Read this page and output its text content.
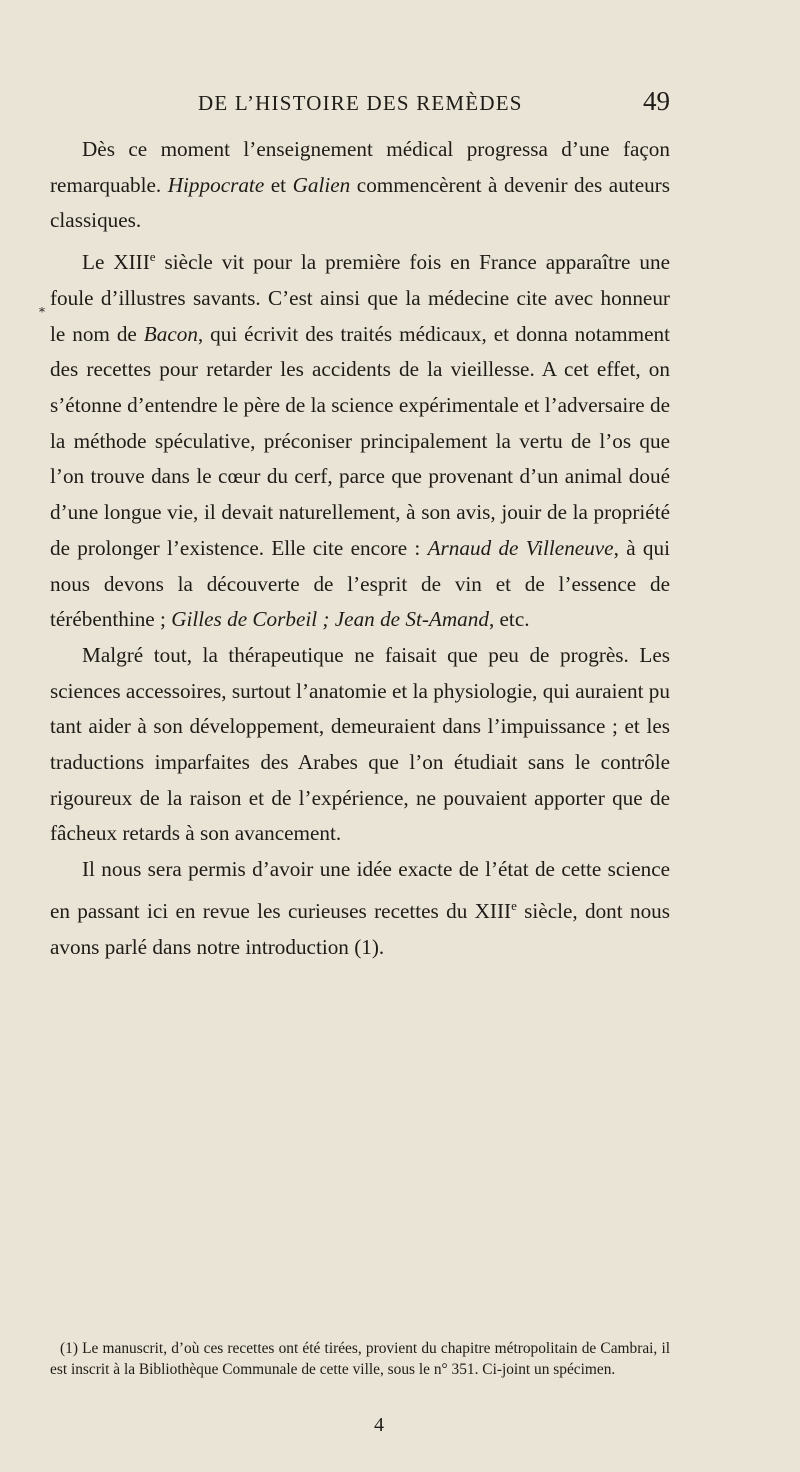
DE L’HISTOIRE DES REMÈDES	49
*

Dès ce moment l’enseignement médical progressa d’une façon remarquable. Hippocrate et Galien commencèrent à devenir des auteurs classiques.

Le XIIIe siècle vit pour la première fois en France apparaître une foule d’illustres savants. C’est ainsi que la médecine cite avec honneur le nom de Bacon, qui écrivit des traités médicaux, et donna notamment des recettes pour retarder les accidents de la vieillesse. A cet effet, on s’étonne d’entendre le père de la science expérimentale et l’adversaire de la méthode spéculative, préconiser principalement la vertu de l’os que l’on trouve dans le cœur du cerf, parce que provenant d’un animal doué d’une longue vie, il devait naturellement, à son avis, jouir de la propriété de prolonger l’existence. Elle cite encore : Arnaud de Villeneuve, à qui nous devons la découverte de l’esprit de vin et de l’essence de térébenthine ; Gilles de Corbeil ; Jean de St-Amand, etc.

Malgré tout, la thérapeutique ne faisait que peu de progrès. Les sciences accessoires, surtout l’anatomie et la physiologie, qui auraient pu tant aider à son développement, demeuraient dans l’impuissance ; et les traductions imparfaites des Arabes que l’on étudiait sans le contrôle rigoureux de la raison et de l’expérience, ne pouvaient apporter que de fâcheux retards à son avancement.

Il nous sera permis d’avoir une idée exacte de l’état de cette science en passant ici en revue les curieuses recettes du XIIIe siècle, dont nous avons parlé dans notre introduction (1).

(1) Le manuscrit, d’où ces recettes ont été tirées, provient du chapitre métropolitain de Cambrai, il est inscrit à la Bibliothèque Communale de cette ville, sous le n° 351. Ci-joint un spécimen.

4
